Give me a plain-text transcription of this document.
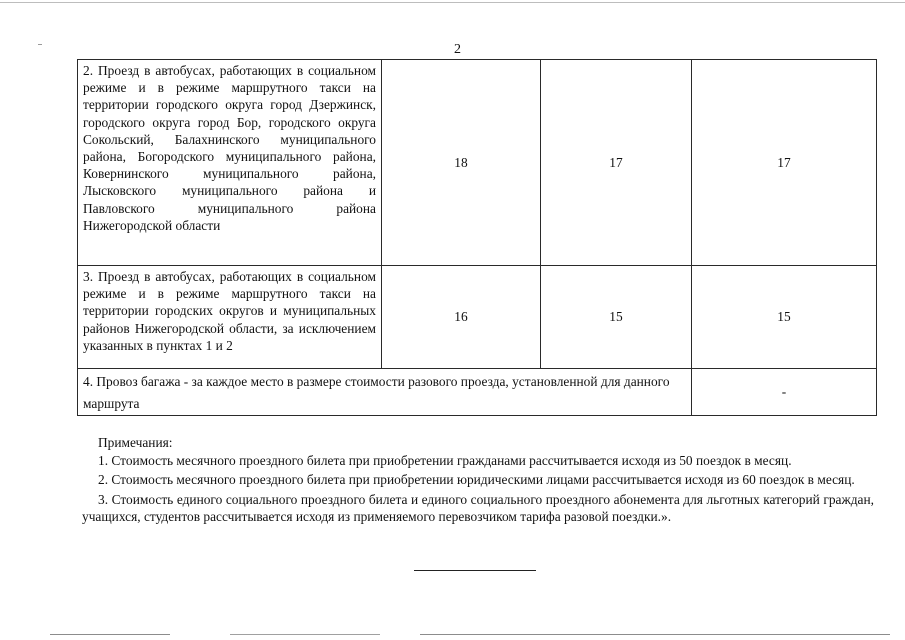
2
2. Проезд в автобусах, работающих в социальном режиме и в режиме маршрутного такси на территории городского округа город Дзержинск, городского округа город Бор, городского округа Сокольский, Балахнинского муниципального района, Богородского муниципального района, Ковернинского муниципального района, Лысковского муниципального района и Павловского муниципального района Нижегородской области	18	17	17
3. Проезд в автобусах, работающих в социальном режиме и в режиме маршрутного такси на территории городских округов и муниципальных районов Нижегородской области, за исключением указанных в пунктах 1 и 2	16	15	15
4. Провоз багажа - за каждое место в размере стоимости разового проезда, установленной для данного маршрута			-
Примечания:
1. Стоимость месячного проездного билета при приобретении гражданами рассчитывается исходя из 50 поездок в месяц.
2. Стоимость месячного проездного билета при приобретении юридическими лицами рассчитывается исходя из 60 поездок в месяц.
3. Стоимость единого социального проездного билета и единого социального проездного абонемента для льготных категорий граждан, учащихся, студентов рассчитывается исходя из применяемого перевозчиком тарифа разовой поездки.».
